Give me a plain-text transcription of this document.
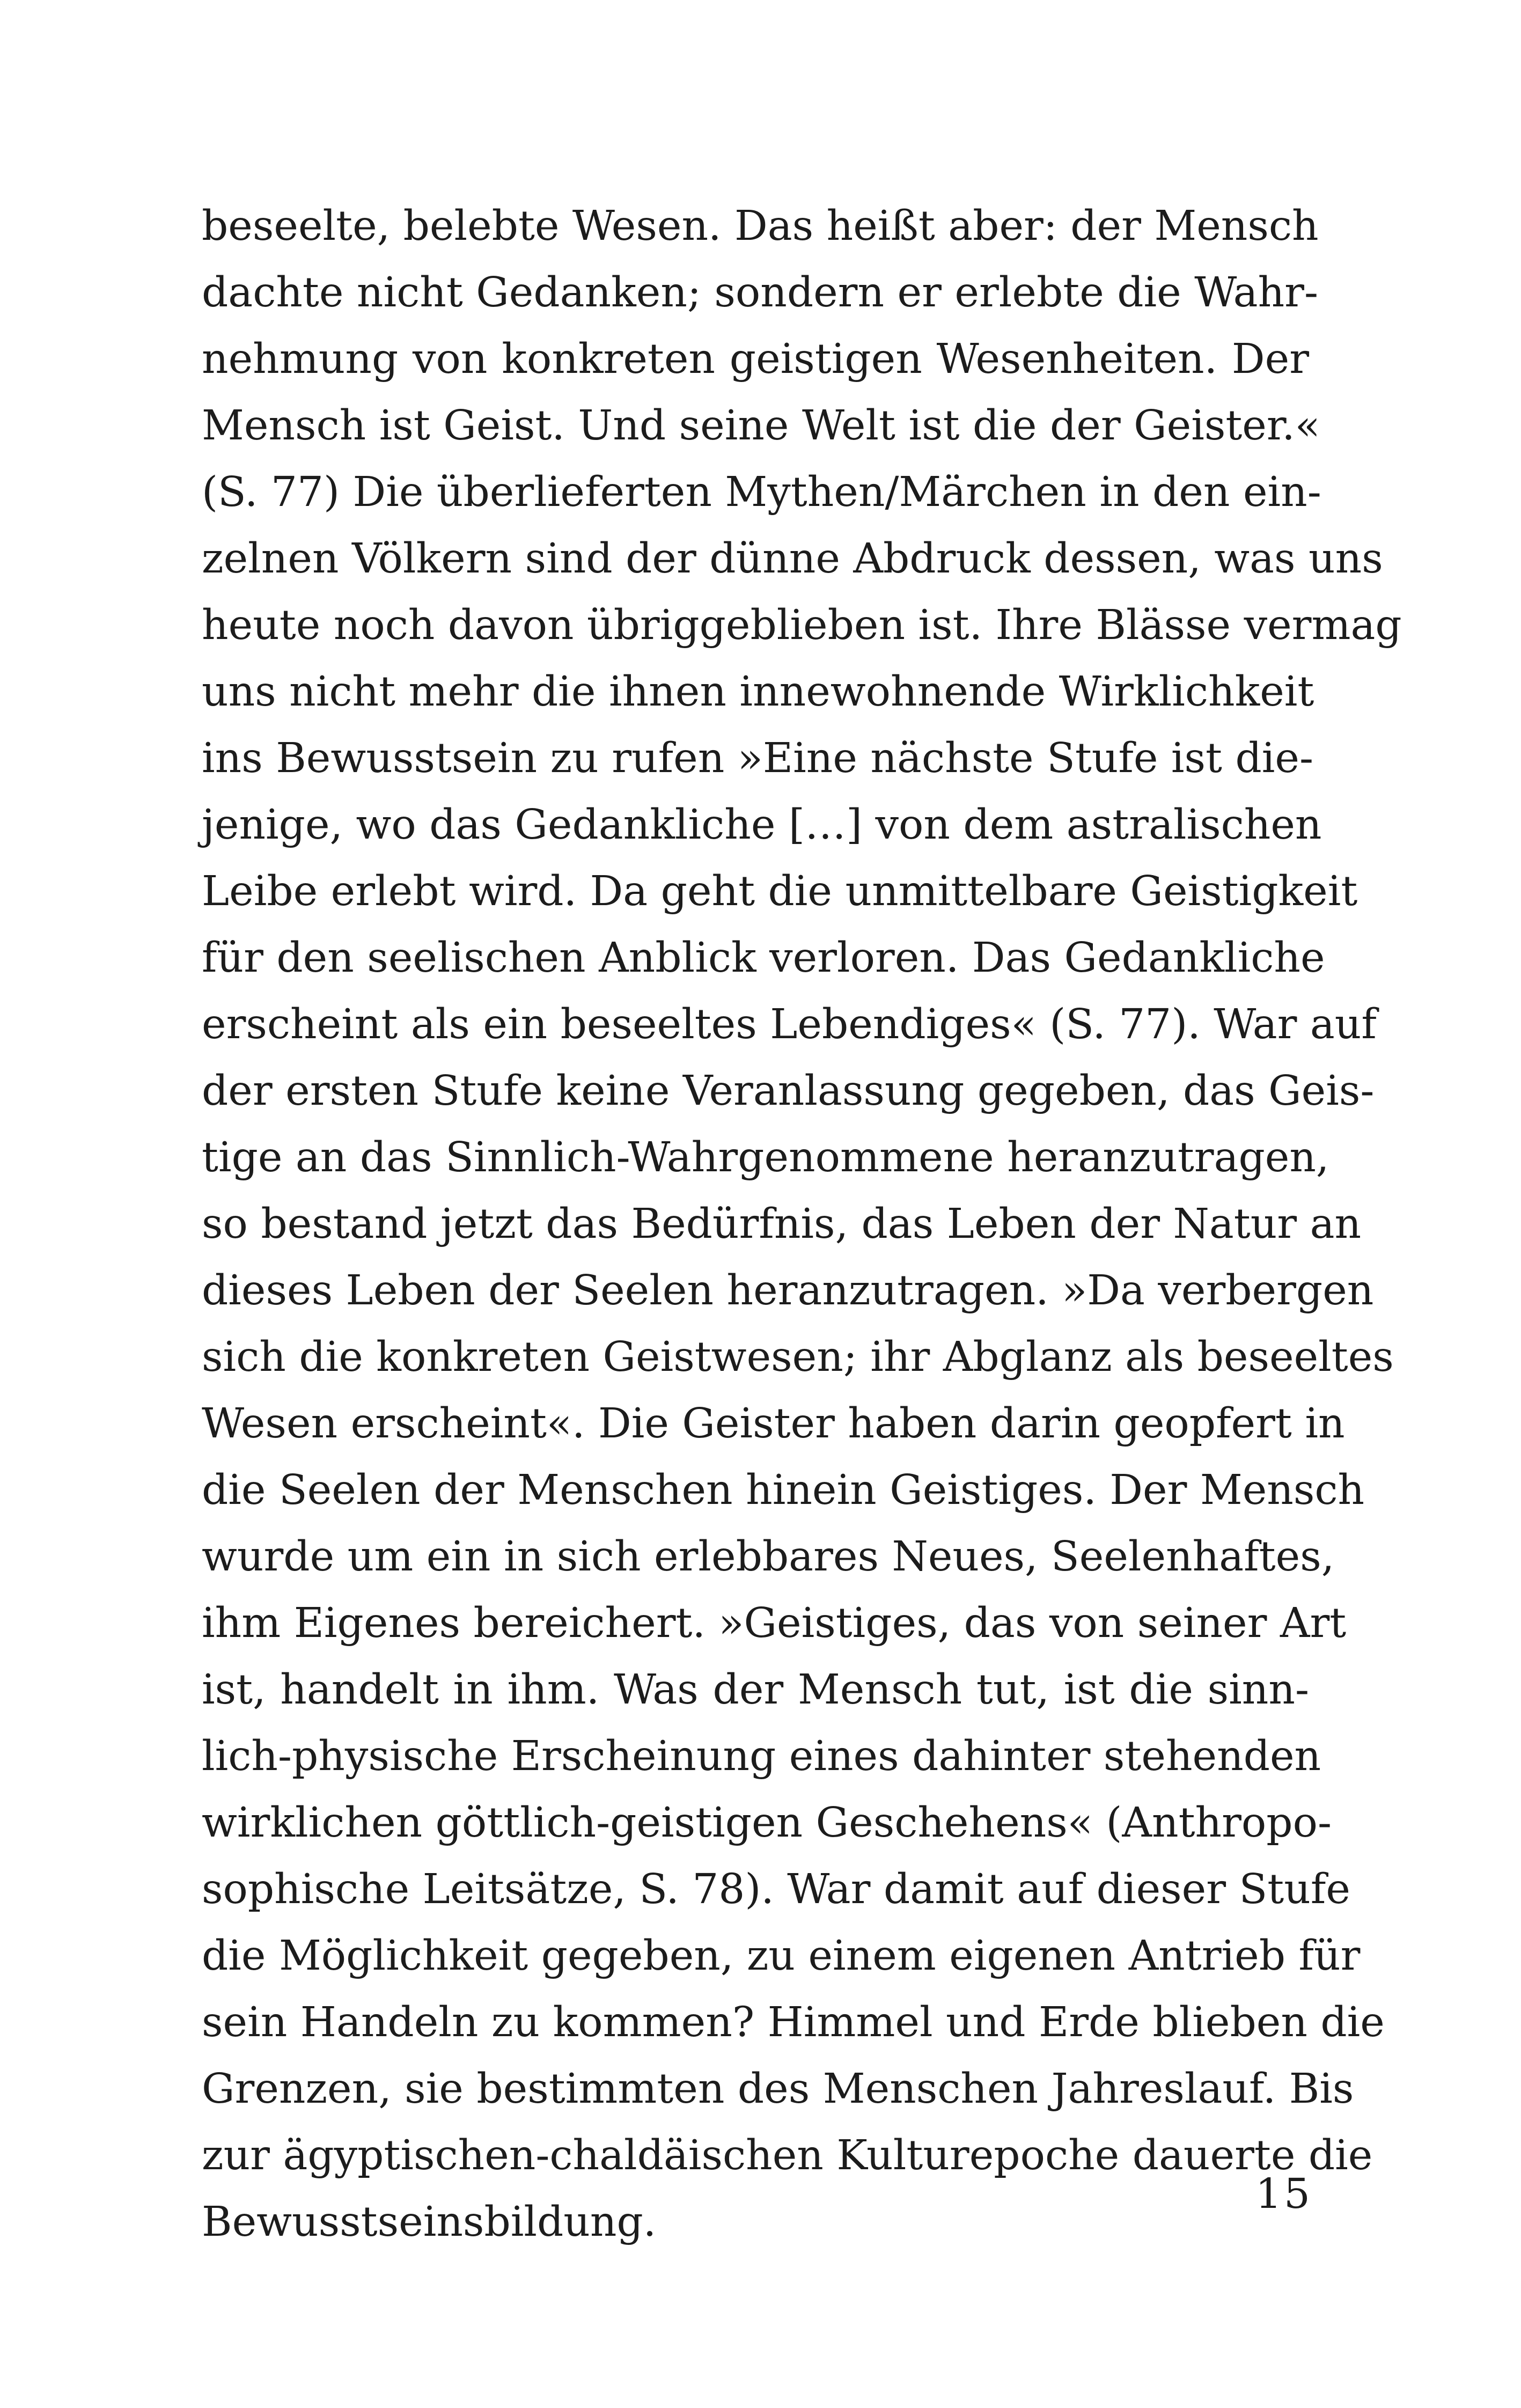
beseelte, belebte Wesen. Das heißt aber: der Mensch
dachte nicht Gedanken; sondern er erlebte die Wahr-
nehmung von konkreten geistigen Wesenheiten. Der
Mensch ist Geist. Und seine Welt ist die der Geister.«
(S. 77) Die überlieferten Mythen/Märchen in den ein-
zelnen Völkern sind der dünne Abdruck dessen, was uns
heute noch davon übriggeblieben ist. Ihre Blässe vermag
uns nicht mehr die ihnen innewohnende Wirklichkeit
ins Bewusstsein zu rufen »Eine nächste Stufe ist die-
jenige, wo das Gedankliche […] von dem astralischen
Leibe erlebt wird. Da geht die unmittelbare Geistigkeit
für den seelischen Anblick verloren. Das Gedankliche
erscheint als ein beseeltes Lebendiges« (S. 77). War auf
der ersten Stufe keine Veranlassung gegeben, das Geis-
tige an das Sinnlich-Wahrgenommene heranzutragen,
so bestand jetzt das Bedürfnis, das Leben der Natur an
dieses Leben der Seelen heranzutragen. »Da verbergen
sich die konkreten Geistwesen; ihr Abglanz als beseeltes
Wesen erscheint«. Die Geister haben darin geopfert in
die Seelen der Menschen hinein Geistiges. Der Mensch
wurde um ein in sich erlebbares Neues, Seelenhaftes,
ihm Eigenes bereichert. »Geistiges, das von seiner Art
ist, handelt in ihm. Was der Mensch tut, ist die sinn-
lich-physische Erscheinung eines dahinter stehenden
wirklichen göttlich-geistigen Geschehens« (Anthropo-
sophische Leitsätze, S. 78). War damit auf dieser Stufe
die Möglichkeit gegeben, zu einem eigenen Antrieb für
sein Handeln zu kommen? Himmel und Erde blieben die
Grenzen, sie bestimmten des Menschen Jahreslauf. Bis
zur ägyptischen-chaldäischen Kulturepoche dauerte die
Bewusstseinsbildung.
15
